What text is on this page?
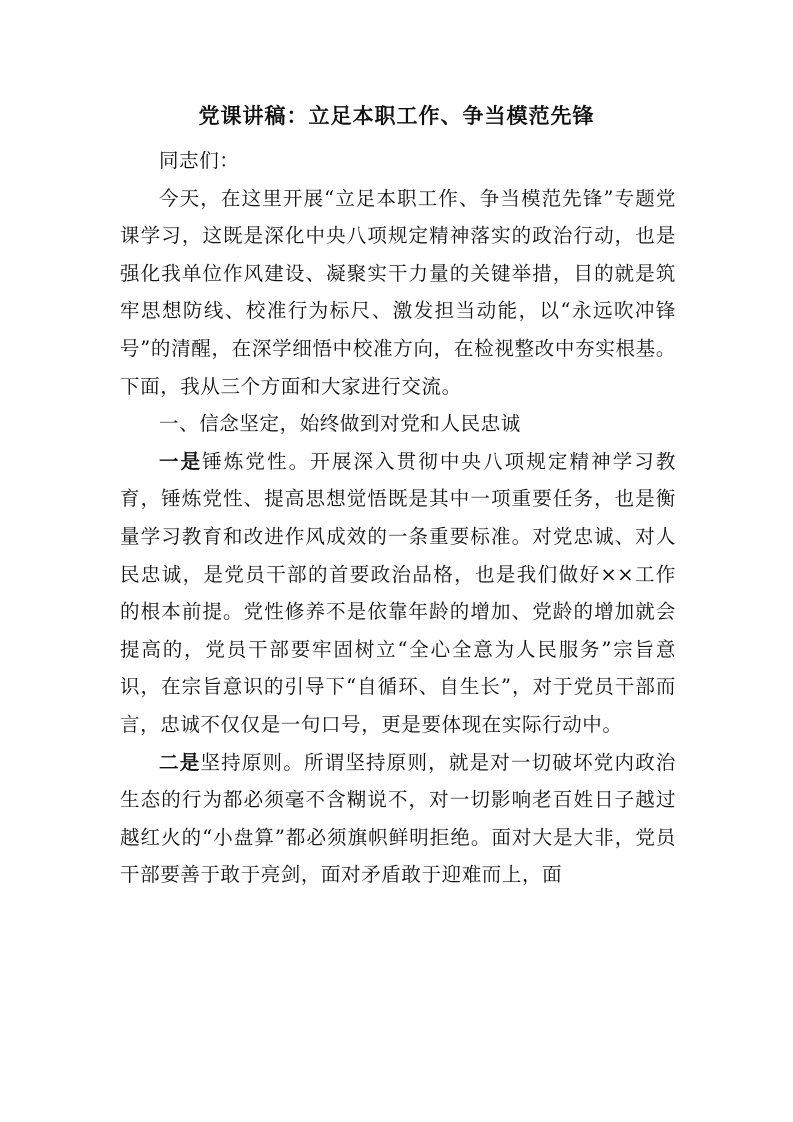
党课讲稿：立足本职工作、争当模范先锋

同志们：

今天，在这里开展“立足本职工作、争当模范先锋”专题党课学习，这既是深化中央八项规定精神落实的政治行动，也是强化我单位作风建设、凝聚实干力量的关键举措，目的就是筑牢思想防线、校准行为标尺、激发担当动能，以“永远吹冲锋号”的清醒，在深学细悟中校准方向，在检视整改中夯实根基。下面，我从三个方面和大家进行交流。

一、信念坚定，始终做到对党和人民忠诚

一是锤炼党性。开展深入贯彻中央八项规定精神学习教育，锤炼党性、提高思想觉悟既是其中一项重要任务，也是衡量学习教育和改进作风成效的一条重要标准。对党忠诚、对人民忠诚，是党员干部的首要政治品格，也是我们做好××工作的根本前提。党性修养不是依靠年龄的增加、党龄的增加就会提高的，党员干部要牢固树立“全心全意为人民服务”宗旨意识，在宗旨意识的引导下“自循环、自生长”，对于党员干部而言，忠诚不仅仅是一句口号，更是要体现在实际行动中。

二是坚持原则。所谓坚持原则，就是对一切破坏党内政治生态的行为都必须毫不含糊说不，对一切影响老百姓日子越过越红火的“小盘算”都必须旗帜鲜明拒绝。面对大是大非，党员干部要善于敢于亮剑，面对矛盾敢于迎难而上，面
